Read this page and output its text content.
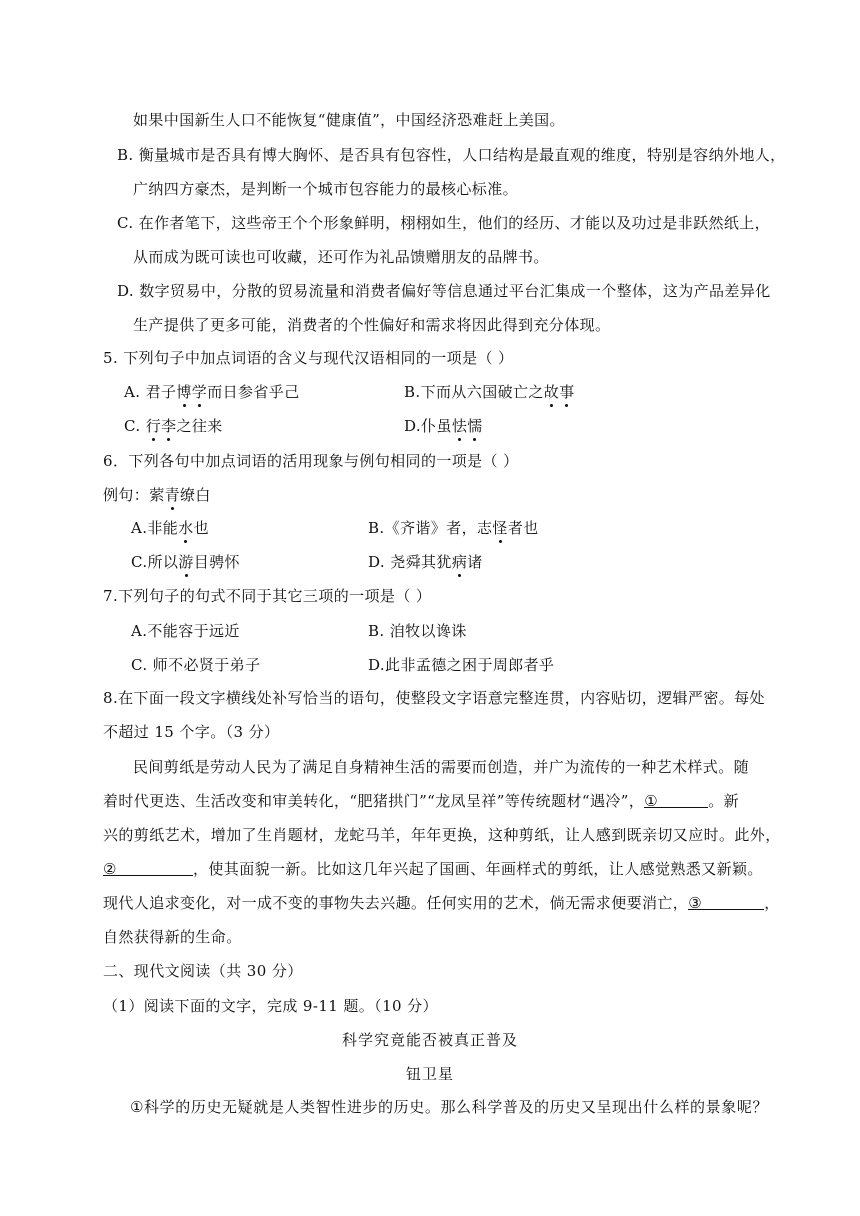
如果中国新生人口不能恢复“健康值”，中国经济恐难赶上美国。
B. 衡量城市是否具有博大胸怀、是否具有包容性，人口结构是最直观的维度，特别是容纳外地人，
广纳四方豪杰，是判断一个城市包容能力的最核心标准。
C. 在作者笔下，这些帝王个个形象鲜明，栩栩如生，他们的经历、才能以及功过是非跃然纸上，
从而成为既可读也可收藏，还可作为礼品馈赠朋友的品牌书。
D. 数字贸易中，分散的贸易流量和消费者偏好等信息通过平台汇集成一个整体，这为产品差异化
生产提供了更多可能，消费者的个性偏好和需求将因此得到充分体现。
5. 下列句子中加点词语的含义与现代汉语相同的一项是（ ）
A. 君子博学而日参省乎己	B.下而从六国破亡之故事
C. 行李之往来	D.仆虽怯懦
6．下列各句中加点词语的活用现象与例句相同的一项是（ ）
例句：萦青缭白
A.非能水也	B.《齐谐》者，志怪者也
C.所以游目骋怀	D. 尧舜其犹病诸
7.下列句子的句式不同于其它三项的一项是（ ）
A.不能容于远近	B. 洎牧以谗诛
C. 师不必贤于弟子	D.此非孟德之困于周郎者乎
8.在下面一段文字横线处补写恰当的语句，使整段文字语意完整连贯，内容贴切，逻辑严密。每处
不超过 15 个字。（3 分）
民间剪纸是劳动人民为了满足自身精神生活的需要而创造，并广为流传的一种艺术样式。随
着时代更迭、生活改变和审美转化，“肥猪拱门”“龙凤呈祥”等传统题材“遇冷”，①	。新
兴的剪纸艺术，增加了生肖题材，龙蛇马羊，年年更换，这种剪纸，让人感到既亲切又应时。此外，
②	，使其面貌一新。比如这几年兴起了国画、年画样式的剪纸，让人感觉熟悉又新颖。
现代人追求变化，对一成不变的事物失去兴趣。任何实用的艺术，倘无需求便要消亡，③	，
自然获得新的生命。
二、现代文阅读（共 30 分）
（1）阅读下面的文字，完成 9-11 题。（10 分）
科学究竟能否被真正普及
钮卫星
①科学的历史无疑就是人类智性进步的历史。那么科学普及的历史又呈现出什么样的景象呢？
